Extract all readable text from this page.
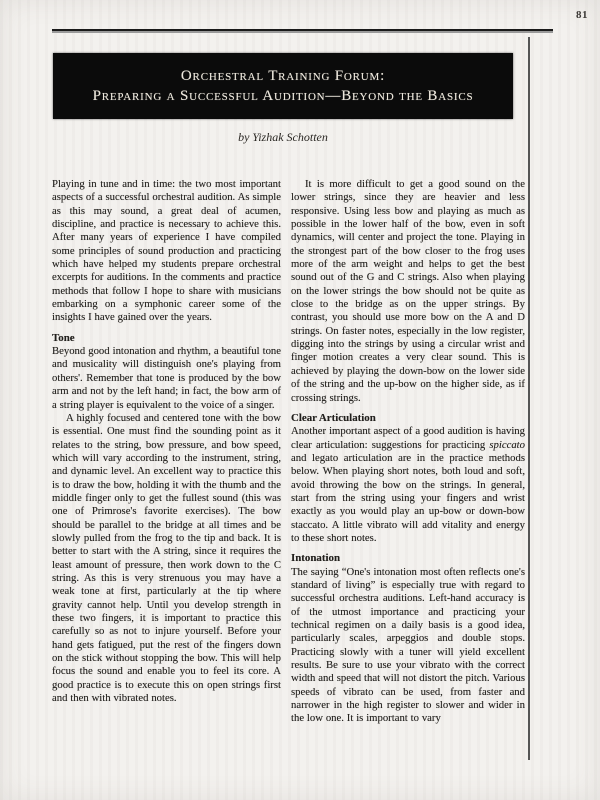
81
Orchestral Training Forum:
Preparing a Successful Audition—Beyond the Basics
by Yizhak Schotten

Playing in tune and in time: the two most important aspects of a successful orchestral audition. As simple as this may sound, a great deal of acumen, discipline, and practice is necessary to achieve this. After many years of experience I have compiled some principles of sound production and practicing which have helped my students prepare orchestral excerpts for auditions. In the comments and practice methods that follow I hope to share with musicians embarking on a symphonic career some of the insights I have gained over the years.

Tone

Beyond good intonation and rhythm, a beautiful tone and musicality will distinguish one's playing from others'. Remember that tone is produced by the bow arm and not by the left hand; in fact, the bow arm of a string player is equivalent to the voice of a singer.

A highly focused and centered tone with the bow is essential. One must find the sounding point as it relates to the string, bow pressure, and bow speed, which will vary according to the instrument, string, and dynamic level. An excellent way to practice this is to draw the bow, holding it with the thumb and the middle finger only to get the fullest sound (this was one of Primrose's favorite exercises). The bow should be parallel to the bridge at all times and be slowly pulled from the frog to the tip and back. It is better to start with the A string, since it requires the least amount of pressure, then work down to the C string. As this is very strenuous you may have a weak tone at first, particularly at the tip where gravity cannot help. Until you develop strength in these two fingers, it is important to practice this carefully so as not to injure yourself. Before your hand gets fatigued, put the rest of the fingers down on the stick without stopping the bow. This will help focus the sound and enable you to feel its core. A good practice is to execute this on open strings first and then with vibrated notes.

It is more difficult to get a good sound on the lower strings, since they are heavier and less responsive. Using less bow and playing as much as possible in the lower half of the bow, even in soft dynamics, will center and project the tone. Playing in the strongest part of the bow closer to the frog uses more of the arm weight and helps to get the best sound out of the G and C strings. Also when playing on the lower strings the bow should not be quite as close to the bridge as on the upper strings. By contrast, you should use more bow on the A and D strings. On faster notes, especially in the low register, digging into the strings by using a circular wrist and finger motion creates a very clear sound. This is achieved by playing the down-bow on the lower side of the string and the up-bow on the higher side, as if crossing strings.

Clear Articulation

Another important aspect of a good audition is having clear articulation: suggestions for practicing spiccato and legato articulation are in the practice methods below. When playing short notes, both loud and soft, avoid throwing the bow on the strings. In general, start from the string using your fingers and wrist exactly as you would play an up-bow or down-bow staccato. A little vibrato will add vitality and energy to these short notes.

Intonation

The saying “One's intonation most often reflects one's standard of living” is especially true with regard to successful orchestra auditions. Left-hand accuracy is of the utmost importance and practicing your technical regimen on a daily basis is a good idea, particularly scales, arpeggios and double stops. Practicing slowly with a tuner will yield excellent results. Be sure to use your vibrato with the correct width and speed that will not distort the pitch. Various speeds of vibrato can be used, from faster and narrower in the high register to slower and wider in the low one. It is important to vary
